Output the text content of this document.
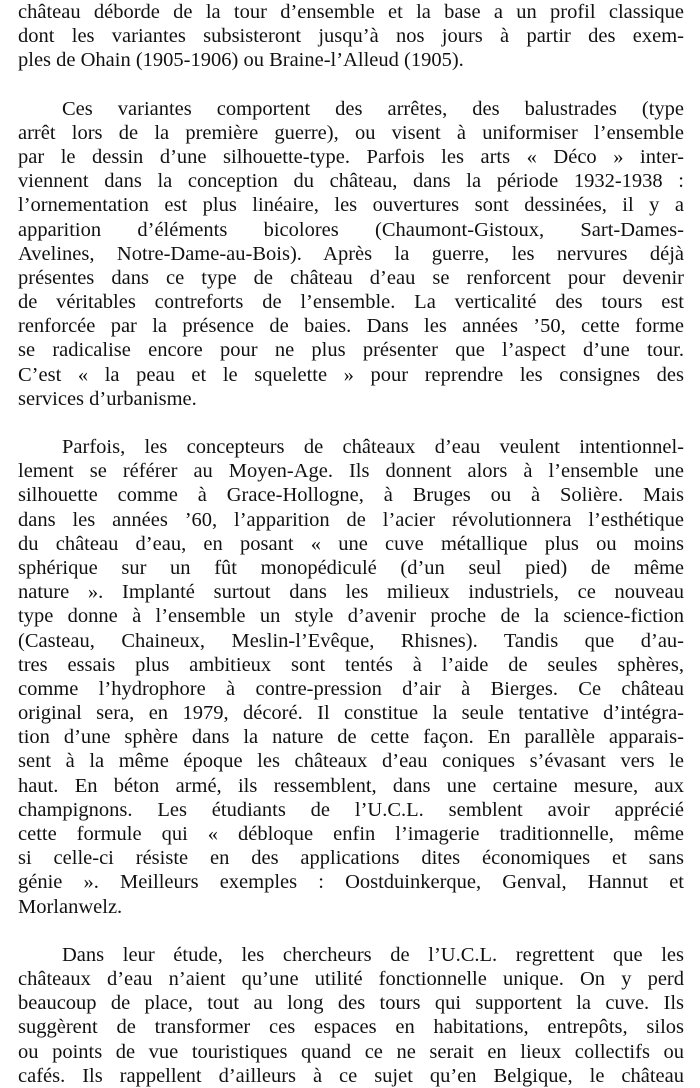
château déborde de la tour d’ensemble et la base a un profil classique
dont les variantes subsisteront jusqu’à nos jours à partir des exem-
ples de Ohain (1905-1906) ou Braine-l’Alleud (1905).
Ces variantes comportent des arrêtes, des balustrades (type
arrêt lors de la première guerre), ou visent à uniformiser l’ensemble
par le dessin d’une silhouette-type. Parfois les arts « Déco » inter-
viennent dans la conception du château, dans la période 1932-1938 :
l’ornementation est plus linéaire, les ouvertures sont dessinées, il y a
apparition d’éléments bicolores (Chaumont-Gistoux, Sart-Dames-
Avelines, Notre-Dame-au-Bois). Après la guerre, les nervures déjà
présentes dans ce type de château d’eau se renforcent pour devenir
de véritables contreforts de l’ensemble. La verticalité des tours est
renforcée par la présence de baies. Dans les années ’50, cette forme
se radicalise encore pour ne plus présenter que l’aspect d’une tour.
C’est « la peau et le squelette » pour reprendre les consignes des
services d’urbanisme.
Parfois, les concepteurs de châteaux d’eau veulent intentionnel-
lement se référer au Moyen-Age. Ils donnent alors à l’ensemble une
silhouette comme à Grace-Hollogne, à Bruges ou à Solière. Mais
dans les années ’60, l’apparition de l’acier révolutionnera l’esthétique
du château d’eau, en posant « une cuve métallique plus ou moins
sphérique sur un fût monopédiculé (d’un seul pied) de même
nature ». Implanté surtout dans les milieux industriels, ce nouveau
type donne à l’ensemble un style d’avenir proche de la science-fiction
(Casteau, Chaineux, Meslin-l’Evêque, Rhisnes). Tandis que d’au-
tres essais plus ambitieux sont tentés à l’aide de seules sphères,
comme l’hydrophore à contre-pression d’air à Bierges. Ce château
original sera, en 1979, décoré. Il constitue la seule tentative d’intégra-
tion d’une sphère dans la nature de cette façon. En parallèle apparais-
sent à la même époque les châteaux d’eau coniques s’évasant vers le
haut. En béton armé, ils ressemblent, dans une certaine mesure, aux
champignons. Les étudiants de l’U.C.L. semblent avoir apprécié
cette formule qui « débloque enfin l’imagerie traditionnelle, même
si celle-ci résiste en des applications dites économiques et sans
génie ». Meilleurs exemples : Oostduinkerque, Genval, Hannut et
Morlanwelz.
Dans leur étude, les chercheurs de l’U.C.L. regrettent que les
châteaux d’eau n’aient qu’une utilité fonctionnelle unique. On y perd
beaucoup de place, tout au long des tours qui supportent la cuve. Ils
suggèrent de transformer ces espaces en habitations, entrepôts, silos
ou points de vue touristiques quand ce ne serait en lieux collectifs ou
cafés. Ils rappellent d’ailleurs à ce sujet qu’en Belgique, le château
